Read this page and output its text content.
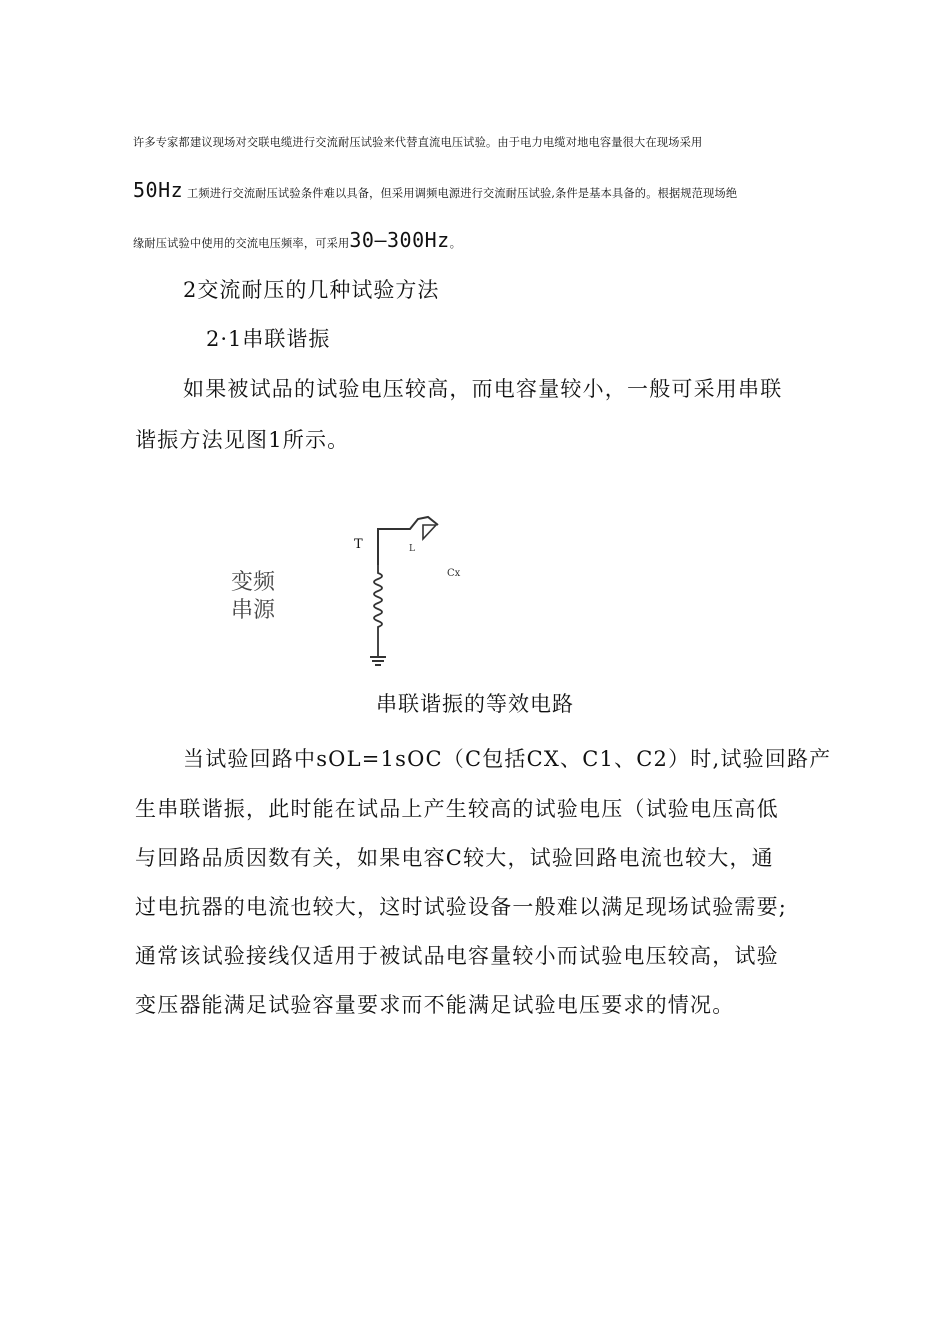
许多专家都建议现场对交联电缆进行交流耐压试验来代替直流电压试验。由于电力电缆对地电容量很大在现场采用
50Hz 工频进行交流耐压试验条件难以具备，但采用调频电源进行交流耐压试验,条件是基本具备的。根据规范现场绝
缘耐压试验中使用的交流电压频率，可采用30—300Hz。
2交流耐压的几种试验方法
2·1串联谐振
如果被试品的试验电压较高，而电容量较小，一般可采用串联
谐振方法见图1所示。
变频
串源
T	L
Cx
串联谐振的等效电路
当试验回路中sOL=1sOC（C包括CX、C1、C2）时,试验回路产
生串联谐振，此时能在试品上产生较高的试验电压（试验电压高低
与回路品质因数有关，如果电容C较大，试验回路电流也较大，通
过电抗器的电流也较大，这时试验设备一般难以满足现场试验需要;
通常该试验接线仅适用于被试品电容量较小而试验电压较高，试验
变压器能满足试验容量要求而不能满足试验电压要求的情况。
